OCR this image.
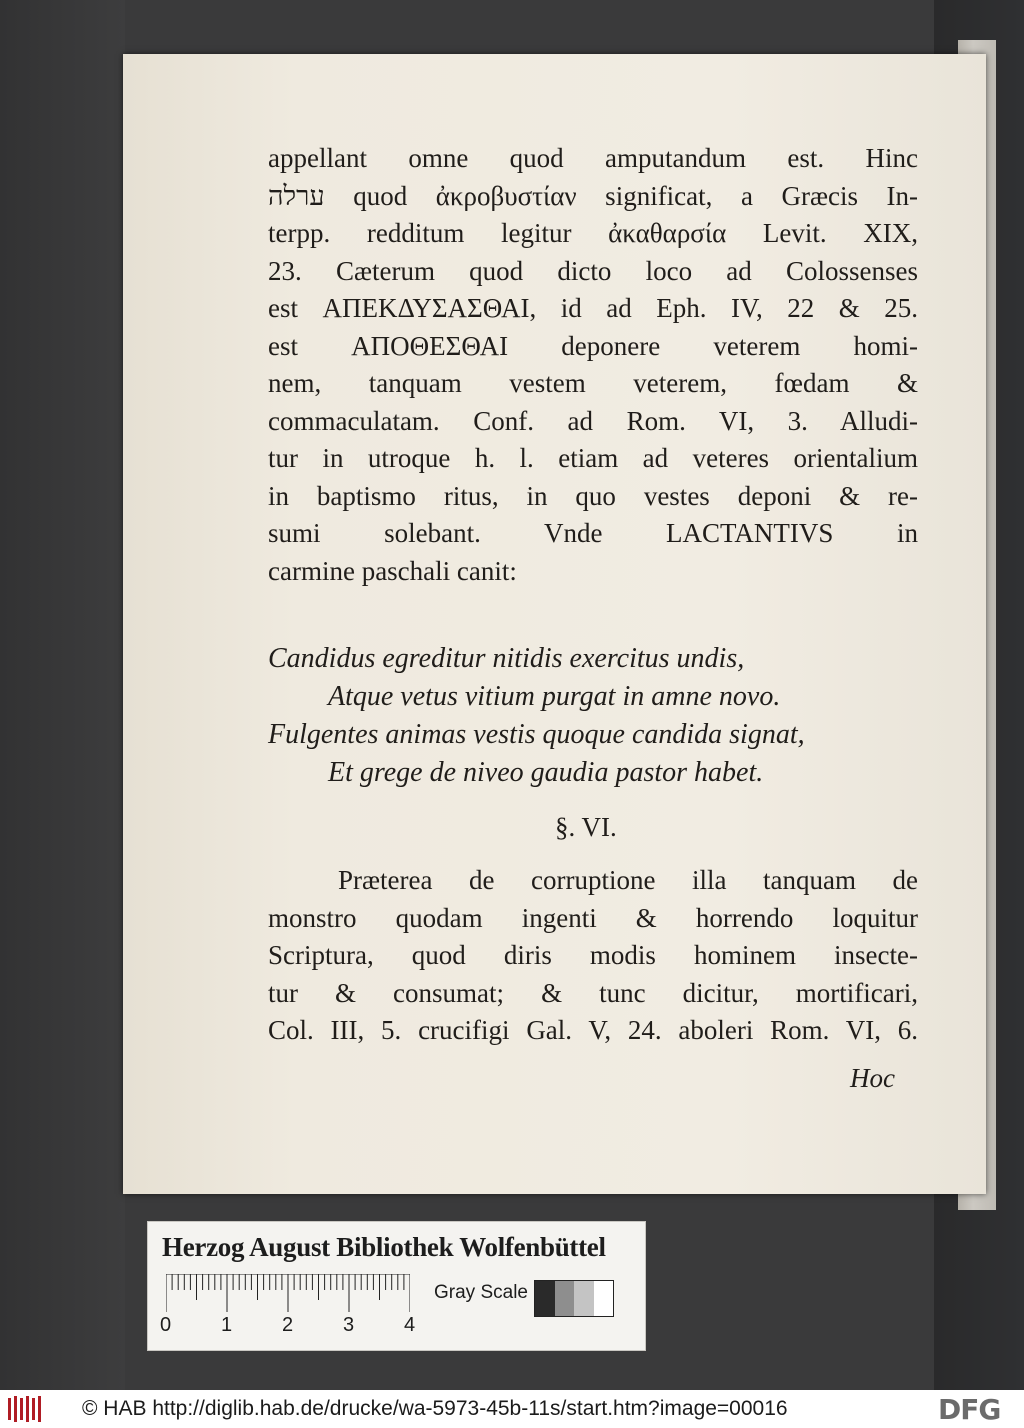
appellant omne quod amputandum est. Hinc
ערלה quod ἀκροβυστίαν significat, a Græcis In-
terpp. redditum legitur ἀκαθαρσία Levit. XIX,
23. Cæterum quod dicto loco ad Colossenses
est ΑΠΕΚΔΥΣΑΣΘΑΙ, id ad Eph. IV, 22 & 25.
est ΑΠΟΘΕΣΘΑΙ deponere veterem homi-
nem, tanquam vestem veterem, fœdam &
commaculatam. Conf. ad Rom. VI, 3. Alludi-
tur in utroque h. l. etiam ad veteres orientalium
in baptismo ritus, in quo vestes deponi & re-
sumi solebant. Vnde LACTANTIVS in
carmine paschali canit:
Candidus egreditur nitidis exercitus undis,
Atque vetus vitium purgat in amne novo.
Fulgentes animas vestis quoque candida signat,
Et grege de niveo gaudia pastor habet.
§. VI.
Præterea de corruptione illa tanquam de
monstro quodam ingenti & horrendo loquitur
Scriptura, quod diris modis hominem insecte-
tur & consumat; & tunc dicitur, mortificari,
Col. III, 5. crucifigi Gal. V, 24. aboleri Rom. VI, 6.
Hoc
Herzog August Bibliothek Wolfenbüttel
0 1 2 3 4
Gray Scale
© HAB http://diglib.hab.de/drucke/wa-5973-45b-11s/start.htm?image=00016	DFG
